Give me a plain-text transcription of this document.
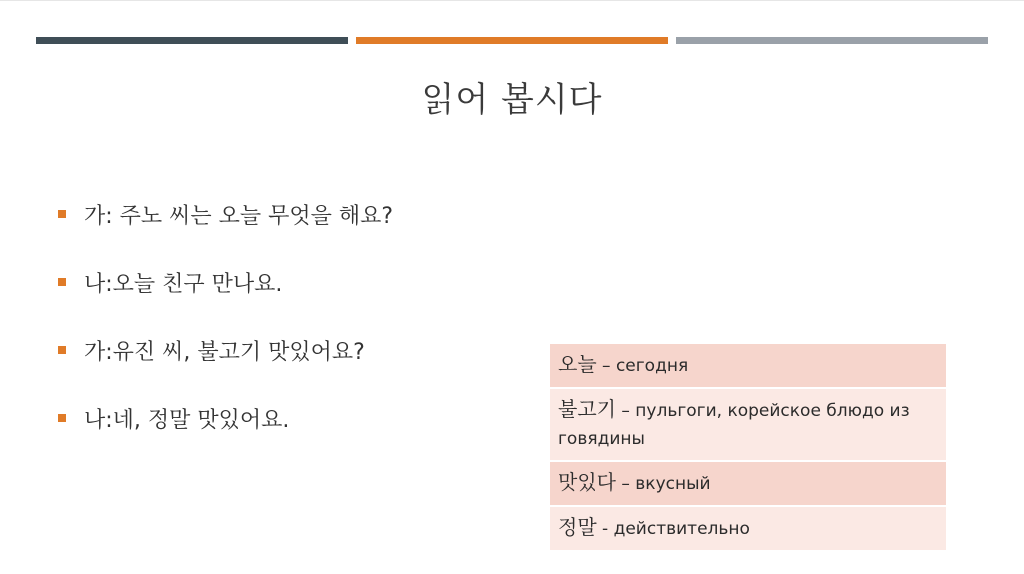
읽어 봅시다
가: 주노 씨는 오늘 무엇을 해요?
나:오늘 친구 만나요.
가:유진 씨, 불고기 맛있어요?
나:네, 정말 맛있어요.
오늘 – сегодня
불고기 – пульгоги, корейское блюдо из говядины
맛있다 – вкусный
정말 - действительно
